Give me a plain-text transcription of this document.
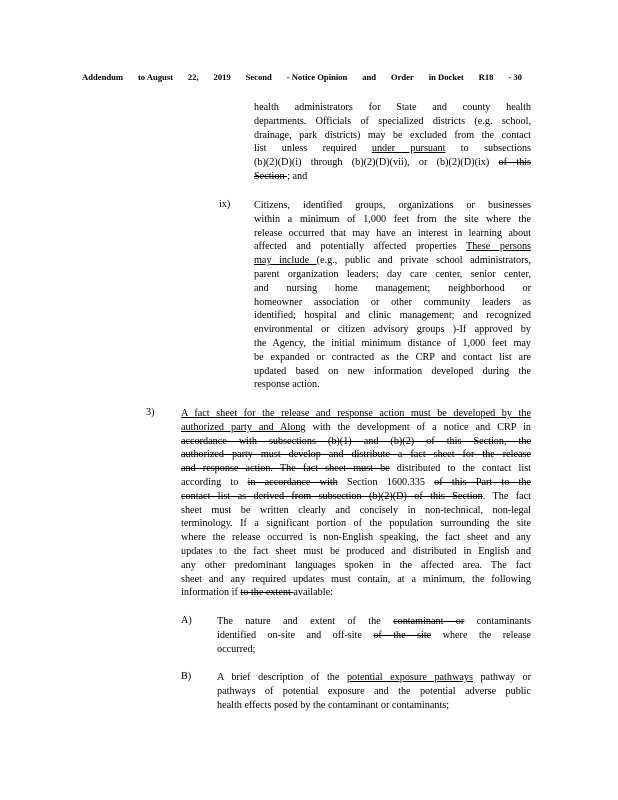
Addendum to August 22, 2019 Second - Notice Opinion and Order in Docket R18 - 30
health administrators for State and county health
departments. Officials of specialized districts (e.g. school,
drainage, park districts) may be excluded from the contact
list unless required under pursuant to subsections
(b)(2)(D)(i) through (b)(2)(D)(vii), or (b)(2)(D)(ix) of this
Section ; and
ix) Citizens, identified groups, organizations or businesses
within a minimum of 1,000 feet from the site where the
release occurred that may have an interest in learning about
affected and potentially affected properties These persons
may include (e.g., public and private school administrators,
parent organization leaders; day care center, senior center,
and nursing home management; neighborhood or
homeowner association or other community leaders as
identified; hospital and clinic management; and recognized
environmental or citizen advisory groups )-If approved by
the Agency, the initial minimum distance of 1,000 feet may
be expanded or contracted as the CRP and contact list are
updated based on new information developed during the
response action.
3)	A fact sheet for the release and response action must be developed by the
authorized party and Along with the development of a notice and CRP in
accordance with subsections (b)(1) and (b)(2) of this Section, the
authorized party must develop and distribute a fact sheet for the release
and response action. The fact sheet must be distributed to the contact list
according to in accordance with Section 1600.335 of this Part to the
contact list as derived from subsection (b)(2)(D) of this Section. The fact
sheet must be written clearly and concisely in non-technical, non-legal
terminology. If a significant portion of the population surrounding the site
where the release occurred is non-English speaking, the fact sheet and any
updates to the fact sheet must be produced and distributed in English and
any other predominant languages spoken in the affected area. The fact
sheet and any required updates must contain, at a minimum, the following
information if to the extent available:
A) The nature and extent of the contaminant or contaminants
identified on-site and off-site of the site where the release
occurred;
B)	A brief description of the potential exposure pathways pathway or
pathways of potential exposure and the potential adverse public
health effects posed by the contaminant or contaminants;
